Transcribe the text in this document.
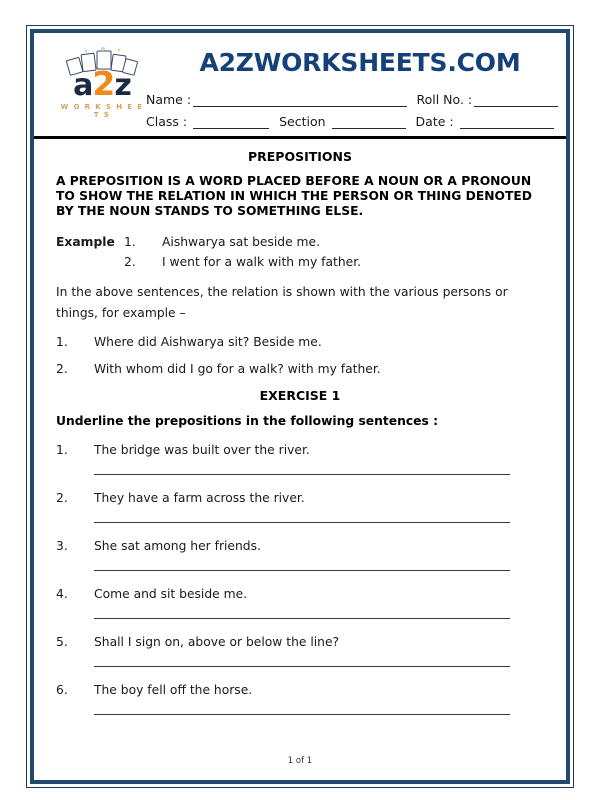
a2z
W O R K S H E E T S
A2ZWORKSHEETS.COM
Name :	Roll No. :
Class :	Section	Date :
PREPOSITIONS
A PREPOSITION IS A WORD PLACED BEFORE A NOUN OR A PRONOUN TO SHOW THE RELATION IN WHICH THE PERSON OR THING DENOTED BY THE NOUN STANDS TO SOMETHING ELSE.
Example 1.	Aishwarya sat beside me.
2.	I went for a walk with my father.
In the above sentences, the relation is shown with the various persons or things, for example –
1.	Where did Aishwarya sit? Beside me.
2.	With whom did I go for a walk? with my father.
EXERCISE 1
Underline the prepositions in the following sentences :
1.	The bridge was built over the river.
2.	They have a farm across the river.
3.	She sat among her friends.
4.	Come and sit beside me.
5.	Shall I sign on, above or below the line?
6.	The boy fell off the horse.
1 of 1
